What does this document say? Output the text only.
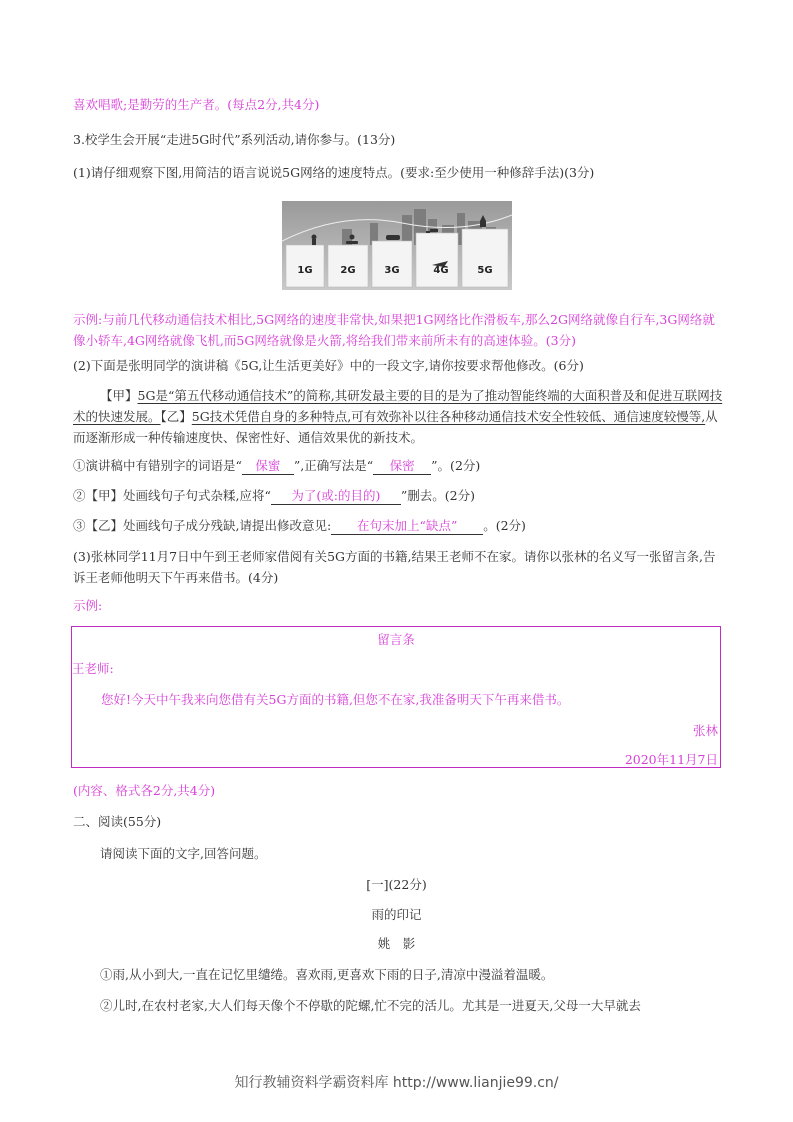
喜欢唱歌;是勤劳的生产者。(每点2分,共4分)
3.校学生会开展“走进5G时代”系列活动,请你参与。(13分)
(1)请仔细观察下图,用简洁的语言说说5G网络的速度特点。(要求:至少使用一种修辞手法)(3分)
1G	2G	3G	4G	5G
示例:与前几代移动通信技术相比,5G网络的速度非常快,如果把1G网络比作滑板车,那么2G网络就像自行车,3G网络就像小轿车,4G网络就像飞机,而5G网络就像是火箭,将给我们带来前所未有的高速体验。(3分)
(2)下面是张明同学的演讲稿《5G,让生活更美好》中的一段文字,请你按要求帮他修改。(6分)
【甲】5G是“第五代移动通信技术”的简称,其研发最主要的目的是为了推动智能终端的大面积普及和促进互联网技术的快速发展。【乙】5G技术凭借自身的多种特点,可有效弥补以往各种移动通信技术安全性较低、通信速度较慢等,从而逐渐形成一种传输速度快、保密性好、通信效果优的新技术。
①演讲稿中有错别字的词语是“ 保蜜 ”,正确写法是“ 保密 ”。(2分)
②【甲】处画线句子句式杂糅,应将“ 为了(或:的目的) ”删去。(2分)
③【乙】处画线句子成分残缺,请提出修改意见: 在句末加上“缺点” 。(2分)
(3)张林同学11月7日中午到王老师家借阅有关5G方面的书籍,结果王老师不在家。请你以张林的名义写一张留言条,告诉王老师他明天下午再来借书。(4分)
示例:
留言条
王老师:
您好!今天中午我来向您借有关5G方面的书籍,但您不在家,我准备明天下午再来借书。
张林
2020年11月7日
(内容、格式各2分,共4分)
二、阅读(55分)
请阅读下面的文字,回答问题。
[一](22分)
雨的印记
姚　影
①雨,从小到大,一直在记忆里缱绻。喜欢雨,更喜欢下雨的日子,清凉中漫溢着温暖。
②儿时,在农村老家,大人们每天像个不停歇的陀螺,忙不完的活儿。尤其是一进夏天,父母一大早就去
知行教辅资料学霸资料库 http://www.lianjie99.cn/
